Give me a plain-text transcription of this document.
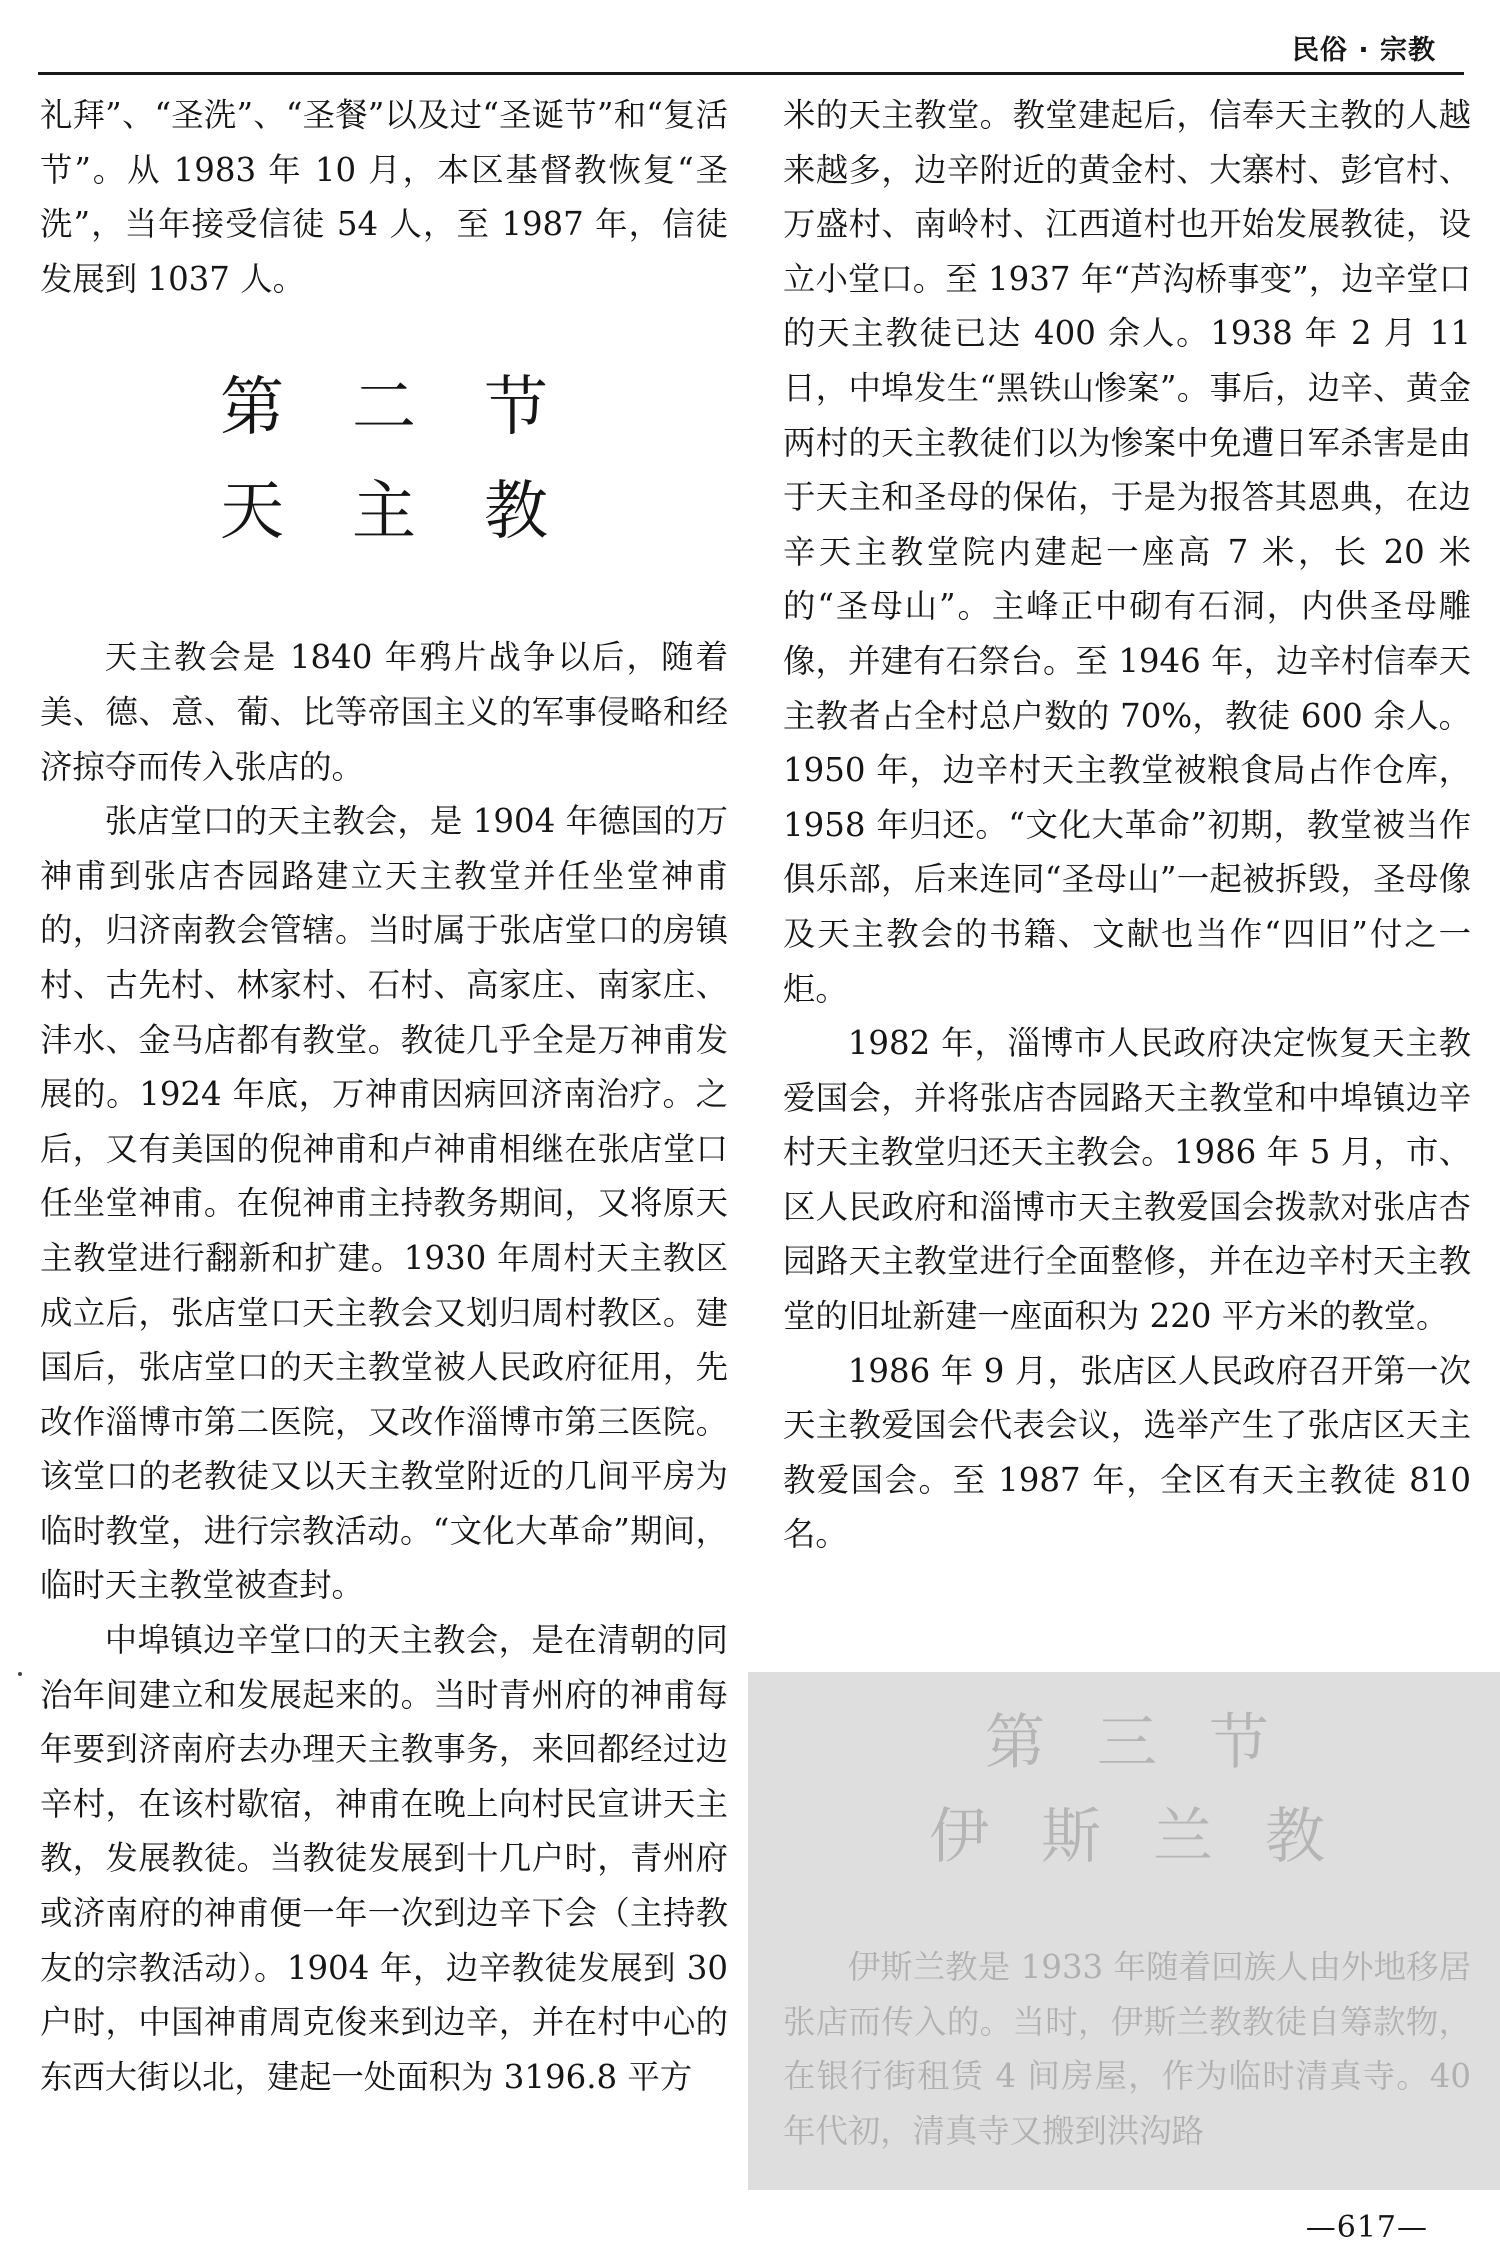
民俗 · 宗教

礼拜”、“圣洗”、“圣餐”以及过“圣诞节”和“复活节”。从 1983 年 10 月，本区基督教恢复“圣洗”，当年接受信徒 54 人，至 1987 年，信徒发展到 1037 人。

第二节
天主教

天主教会是 1840 年鸦片战争以后，随着美、德、意、葡、比等帝国主义的军事侵略和经济掠夺而传入张店的。

张店堂口的天主教会，是 1904 年德国的万神甫到张店杏园路建立天主教堂并任坐堂神甫的，归济南教会管辖。当时属于张店堂口的房镇村、古先村、林家村、石村、高家庄、南家庄、沣水、金马店都有教堂。教徒几乎全是万神甫发展的。1924 年底，万神甫因病回济南治疗。之后，又有美国的倪神甫和卢神甫相继在张店堂口任坐堂神甫。在倪神甫主持教务期间，又将原天主教堂进行翻新和扩建。1930 年周村天主教区成立后，张店堂口天主教会又划归周村教区。建国后，张店堂口的天主教堂被人民政府征用，先改作淄博市第二医院，又改作淄博市第三医院。该堂口的老教徒又以天主教堂附近的几间平房为临时教堂，进行宗教活动。“文化大革命”期间，临时天主教堂被查封。

中埠镇边辛堂口的天主教会，是在清朝的同治年间建立和发展起来的。当时青州府的神甫每年要到济南府去办理天主教事务，来回都经过边辛村，在该村歇宿，神甫在晚上向村民宣讲天主教，发展教徒。当教徒发展到十几户时，青州府或济南府的神甫便一年一次到边辛下会（主持教友的宗教活动）。1904 年，边辛教徒发展到 30 户时，中国神甫周克俊来到边辛，并在村中心的东西大街以北，建起一处面积为 3196.8 平方

米的天主教堂。教堂建起后，信奉天主教的人越来越多，边辛附近的黄金村、大寨村、彭官村、万盛村、南岭村、江西道村也开始发展教徒，设立小堂口。至 1937 年“芦沟桥事变”，边辛堂口的天主教徒已达 400 余人。1938 年 2 月 11 日，中埠发生“黑铁山惨案”。事后，边辛、黄金两村的天主教徒们以为惨案中免遭日军杀害是由于天主和圣母的保佑，于是为报答其恩典，在边辛天主教堂院内建起一座高 7 米，长 20 米的“圣母山”。主峰正中砌有石洞，内供圣母雕像，并建有石祭台。至 1946 年，边辛村信奉天主教者占全村总户数的 70%，教徒 600 余人。1950 年，边辛村天主教堂被粮食局占作仓库，1958 年归还。“文化大革命”初期，教堂被当作俱乐部，后来连同“圣母山”一起被拆毁，圣母像及天主教会的书籍、文献也当作“四旧”付之一炬。

1982 年，淄博市人民政府决定恢复天主教爱国会，并将张店杏园路天主教堂和中埠镇边辛村天主教堂归还天主教会。1986 年 5 月，市、区人民政府和淄博市天主教爱国会拨款对张店杏园路天主教堂进行全面整修，并在边辛村天主教堂的旧址新建一座面积为 220 平方米的教堂。

1986 年 9 月，张店区人民政府召开第一次天主教爱国会代表会议，选举产生了张店区天主教爱国会。至 1987 年，全区有天主教徒 810 名。

第三节
伊斯兰教

伊斯兰教是 1933 年随着回族人由外地移居张店而传入的。当时，伊斯兰教教徒自筹款物，在银行街租赁 4 间房屋，作为临时清真寺。40 年代初，清真寺又搬到洪沟路

—617—
